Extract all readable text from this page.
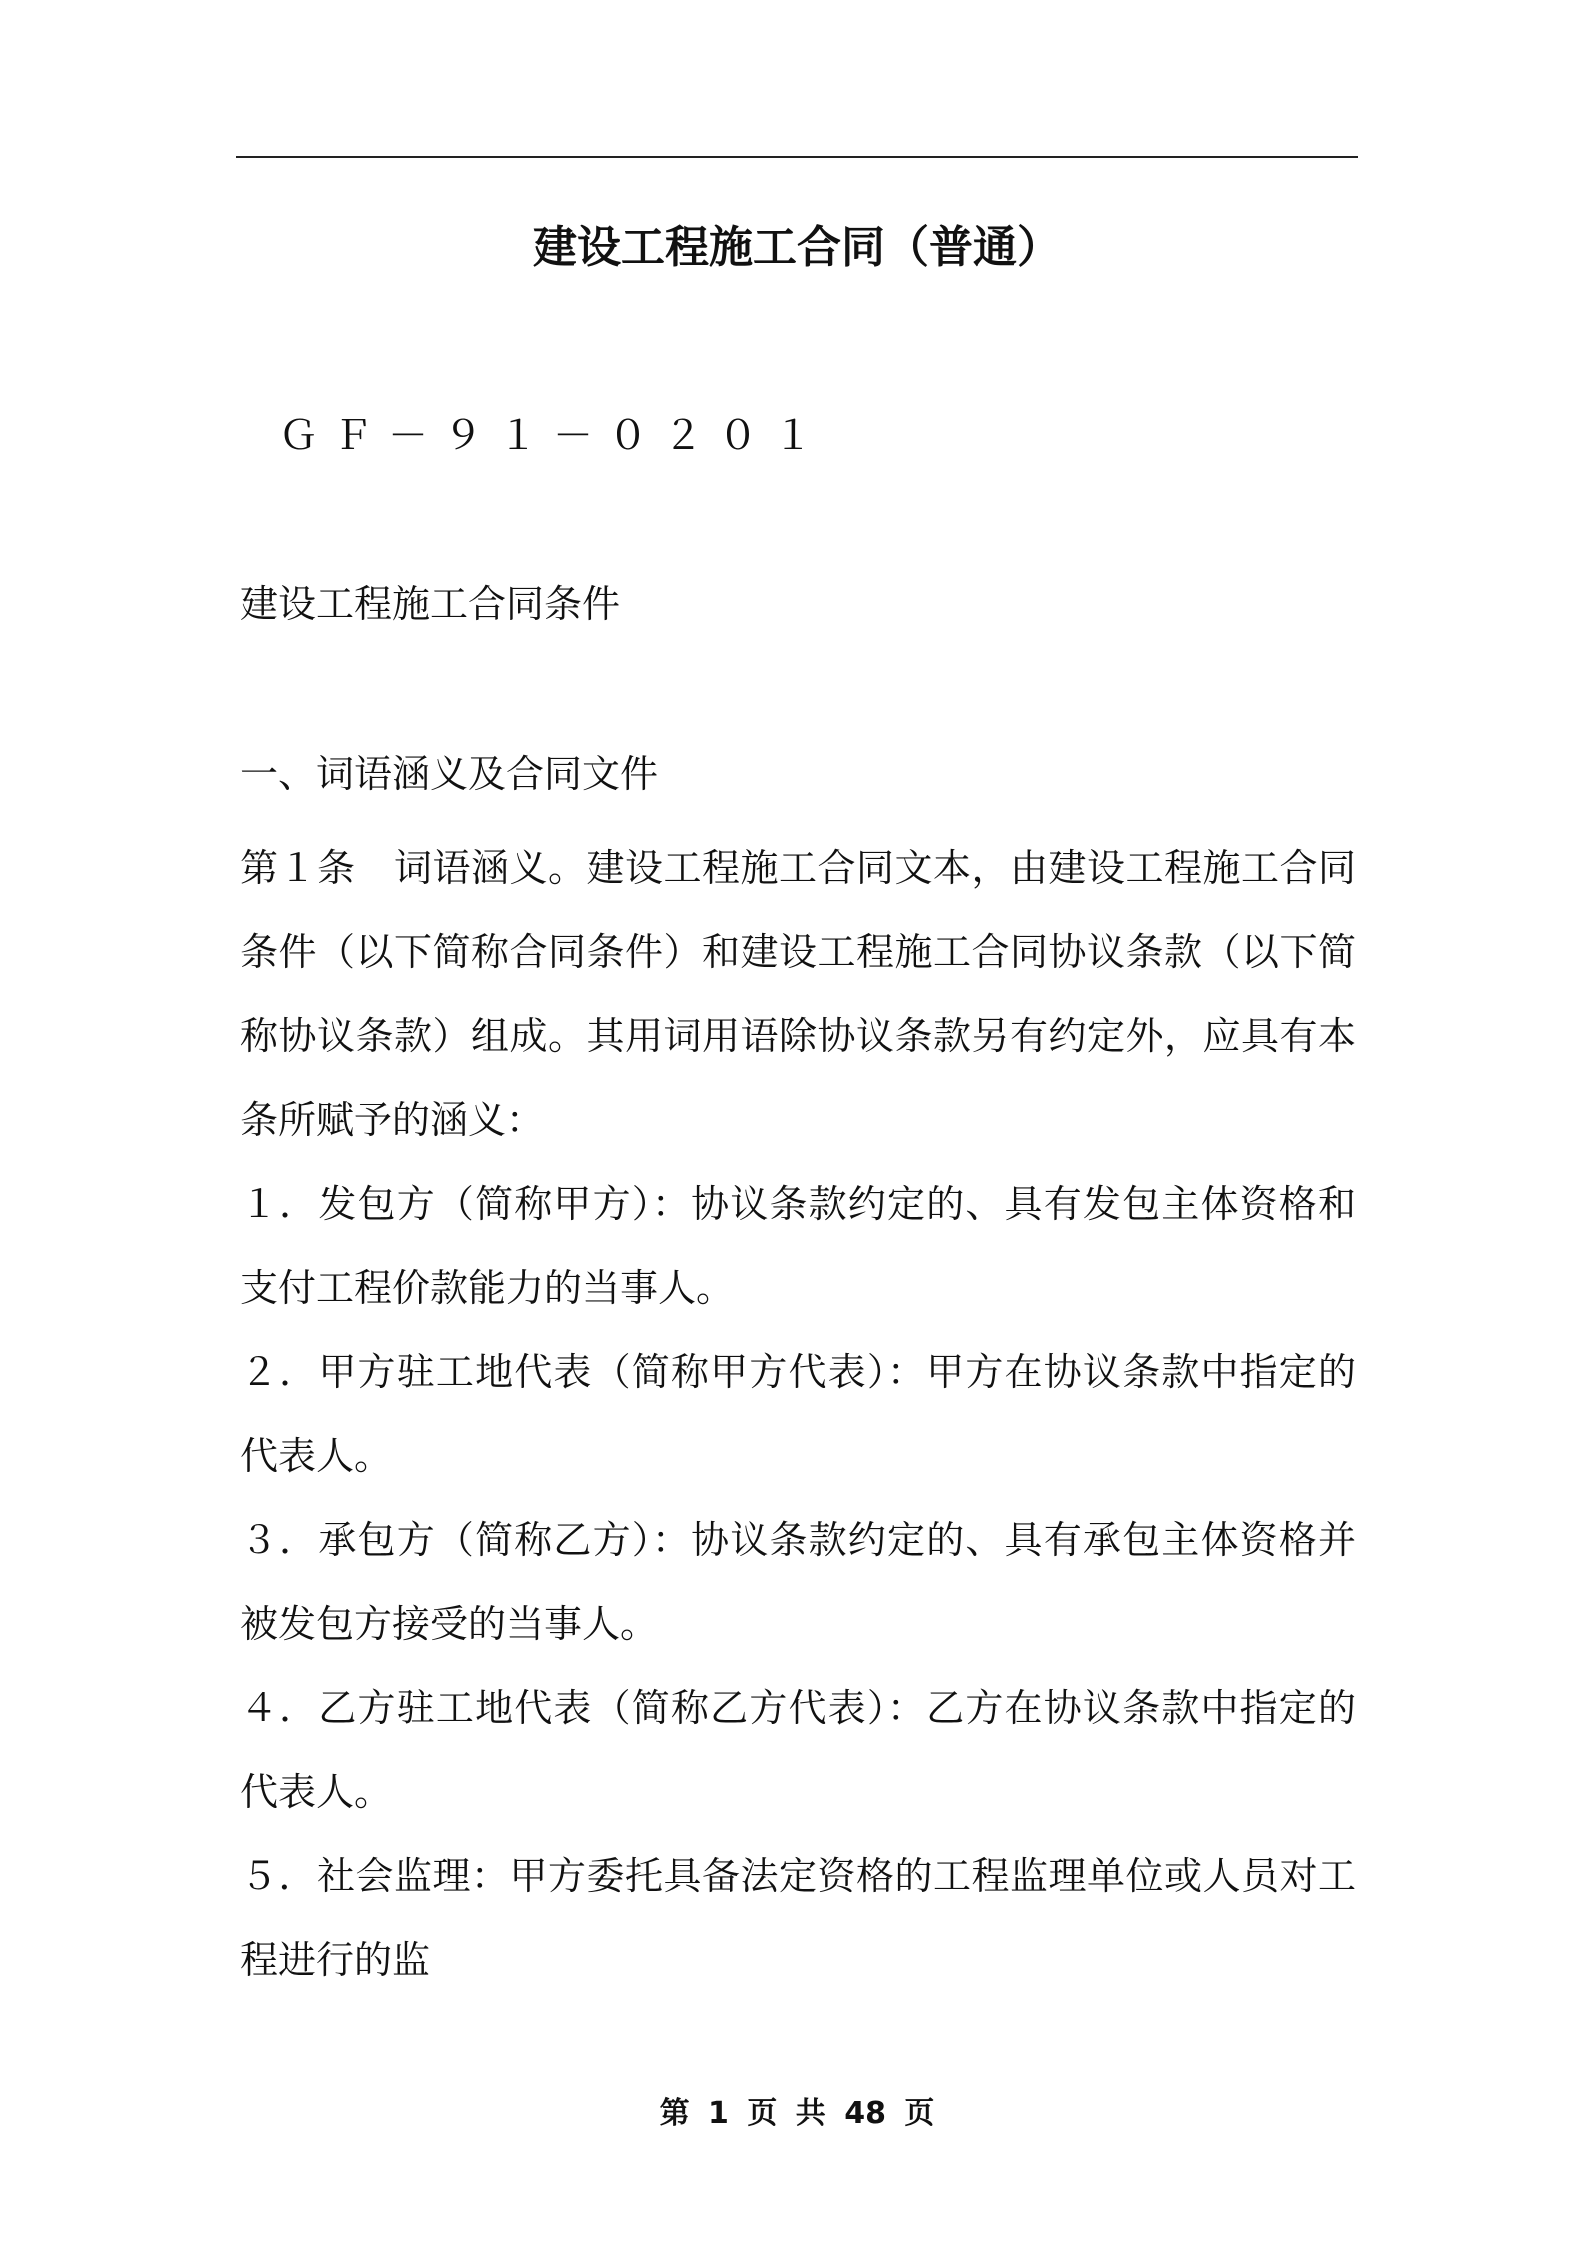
建设工程施工合同（普通）
ＧＦ－９１－０２０１
建设工程施工合同条件
一、词语涵义及合同文件

第１条　词语涵义。建设工程施工合同文本，由建设工程施工合同条件（以下简称合同条件）和建设工程施工合同协议条款（以下简称协议条款）组成。其用词用语除协议条款另有约定外，应具有本条所赋予的涵义：

１．发包方（简称甲方）：协议条款约定的、具有发包主体资格和支付工程价款能力的当事人。

２．甲方驻工地代表（简称甲方代表）：甲方在协议条款中指定的代表人。

３．承包方（简称乙方）：协议条款约定的、具有承包主体资格并被发包方接受的当事人。

４．乙方驻工地代表（简称乙方代表）：乙方在协议条款中指定的代表人。

５．社会监理：甲方委托具备法定资格的工程监理单位或人员对工程进行的监

第 1 页 共 48 页
